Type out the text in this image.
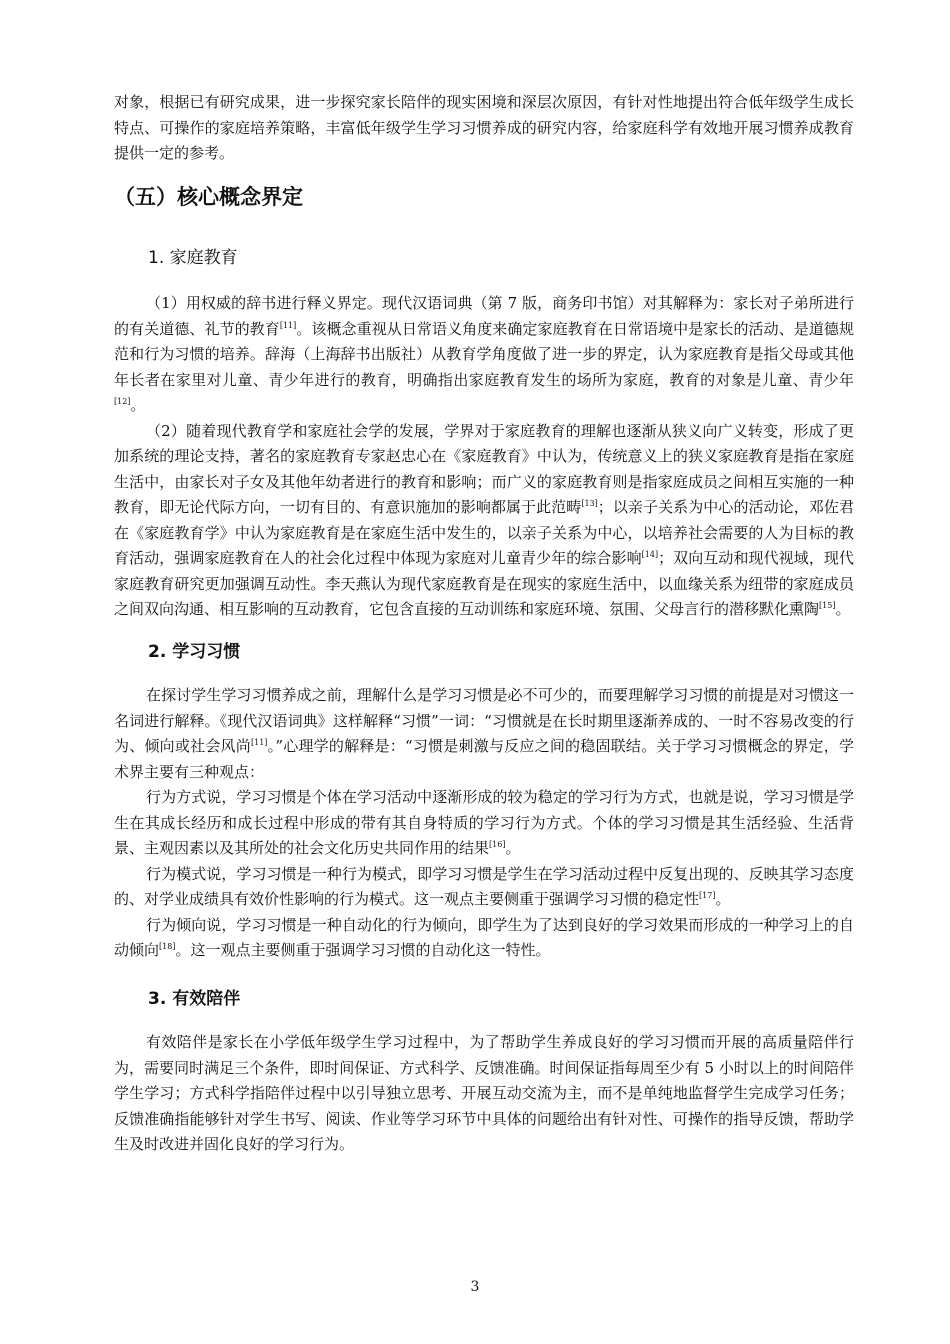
对象，根据已有研究成果，进一步探究家长陪伴的现实困境和深层次原因，有针对性地提出符合低年级学生成长特点、可操作的家庭培养策略，丰富低年级学生学习习惯养成的研究内容，给家庭科学有效地开展习惯养成教育提供一定的参考。

（五）核心概念界定
1. 家庭教育

（1）用权威的辞书进行释义界定。现代汉语词典（第 7 版，商务印书馆）对其解释为：家长对子弟所进行的有关道德、礼节的教育[11]。该概念重视从日常语义角度来确定家庭教育在日常语境中是家长的活动、是道德规范和行为习惯的培养。辞海（上海辞书出版社）从教育学角度做了进一步的界定，认为家庭教育是指父母或其他年长者在家里对儿童、青少年进行的教育，明确指出家庭教育发生的场所为家庭，教育的对象是儿童、青少年[12]。

（2）随着现代教育学和家庭社会学的发展，学界对于家庭教育的理解也逐渐从狭义向广义转变，形成了更加系统的理论支持，著名的家庭教育专家赵忠心在《家庭教育》中认为，传统意义上的狭义家庭教育是指在家庭生活中，由家长对子女及其他年幼者进行的教育和影响；而广义的家庭教育则是指家庭成员之间相互实施的一种教育，即无论代际方向，一切有目的、有意识施加的影响都属于此范畴[13]；以亲子关系为中心的活动论，邓佐君在《家庭教育学》中认为家庭教育是在家庭生活中发生的，以亲子关系为中心，以培养社会需要的人为目标的教育活动，强调家庭教育在人的社会化过程中体现为家庭对儿童青少年的综合影响[14]；双向互动和现代视域，现代家庭教育研究更加强调互动性。李天燕认为现代家庭教育是在现实的家庭生活中，以血缘关系为纽带的家庭成员之间双向沟通、相互影响的互动教育，它包含直接的互动训练和家庭环境、氛围、父母言行的潜移默化熏陶[15]。

2. 学习习惯

在探讨学生学习习惯养成之前，理解什么是学习习惯是必不可少的，而要理解学习习惯的前提是对习惯这一名词进行解释。《现代汉语词典》这样解释“习惯”一词：“习惯就是在长时期里逐渐养成的、一时不容易改变的行为、倾向或社会风尚[11]。”心理学的解释是：“习惯是刺激与反应之间的稳固联结。关于学习习惯概念的界定，学术界主要有三种观点：

行为方式说，学习习惯是个体在学习活动中逐渐形成的较为稳定的学习行为方式，也就是说，学习习惯是学生在其成长经历和成长过程中形成的带有其自身特质的学习行为方式。个体的学习习惯是其生活经验、生活背景、主观因素以及其所处的社会文化历史共同作用的结果[16]。

行为模式说，学习习惯是一种行为模式，即学习习惯是学生在学习活动过程中反复出现的、反映其学习态度的、对学业成绩具有效价性影响的行为模式。这一观点主要侧重于强调学习习惯的稳定性[17]。

行为倾向说，学习习惯是一种自动化的行为倾向，即学生为了达到良好的学习效果而形成的一种学习上的自动倾向[18]。这一观点主要侧重于强调学习习惯的自动化这一特性。

3. 有效陪伴

有效陪伴是家长在小学低年级学生学习过程中，为了帮助学生养成良好的学习习惯而开展的高质量陪伴行为，需要同时满足三个条件，即时间保证、方式科学、反馈准确。时间保证指每周至少有 5 小时以上的时间陪伴学生学习；方式科学指陪伴过程中以引导独立思考、开展互动交流为主，而不是单纯地监督学生完成学习任务；反馈准确指能够针对学生书写、阅读、作业等学习环节中具体的问题给出有针对性、可操作的指导反馈，帮助学生及时改进并固化良好的学习行为。

3
